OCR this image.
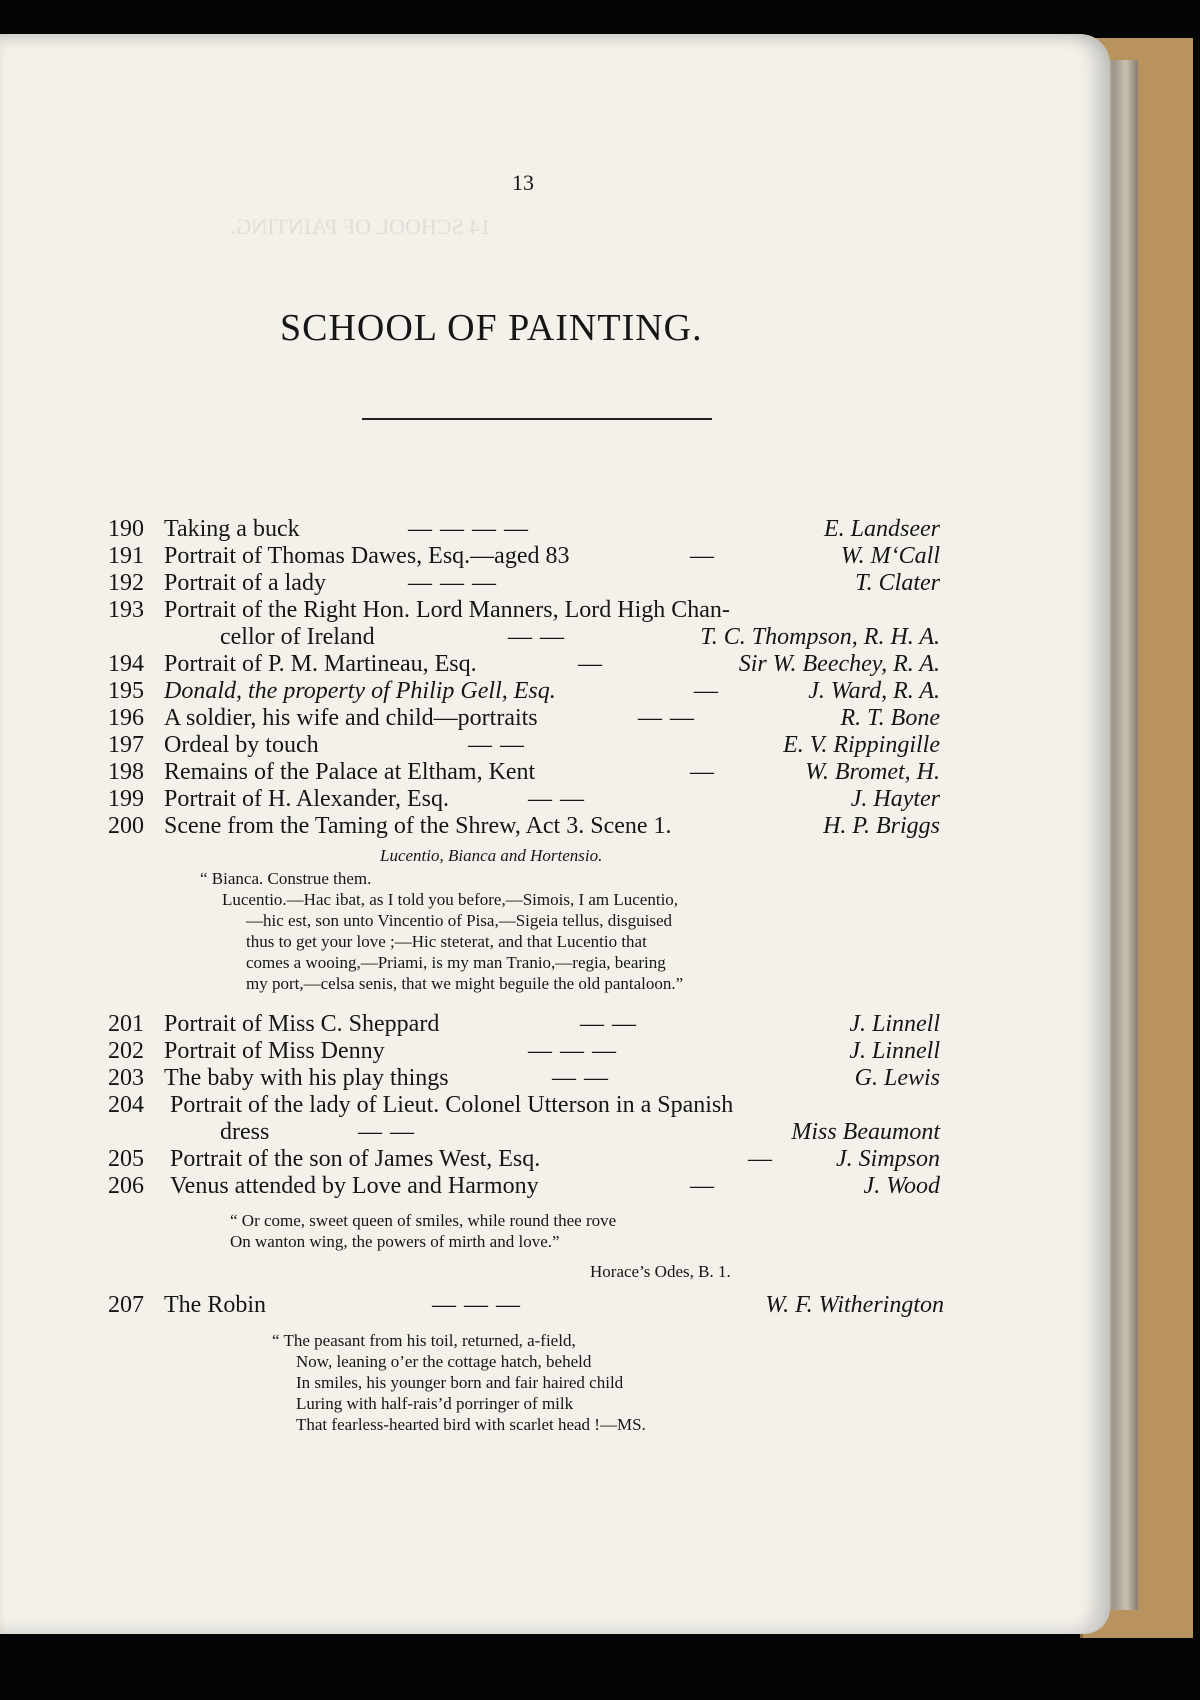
14 SCHOOL OF PAINTING.
13
SCHOOL OF PAINTING.
190 Taking a buck	— — — —	E. Landseer
191 Portrait of Thomas Dawes, Esq.—aged 83	—	W. M‘Call
192 Portrait of a lady	— — —	T. Clater
193 Portrait of the Right Hon. Lord Manners, Lord High Chan-
cellor of Ireland	— —	T. C. Thompson, R. H. A.
194 Portrait of P. M. Martineau, Esq.	—	Sir W. Beechey, R. A.
195 Donald, the property of Philip Gell, Esq.	—	J. Ward, R. A.
196 A soldier, his wife and child—portraits	— —	R. T. Bone
197 Ordeal by touch	— —	E. V. Rippingille
198 Remains of the Palace at Eltham, Kent	—	W. Bromet, H.
199 Portrait of H. Alexander, Esq.	— —	J. Hayter
200 Scene from the Taming of the Shrew, Act 3. Scene 1.	H. P. Briggs
Lucentio, Bianca and Hortensio.
“ Bianca. Construe them.
Lucentio.—Hac ibat, as I told you before,—Simois, I am Lucentio,
—hic est, son unto Vincentio of Pisa,—Sigeia tellus, disguised
thus to get your love ;—Hic steterat, and that Lucentio that
comes a wooing,—Priami, is my man Tranio,—regia, bearing
my port,—celsa senis, that we might beguile the old pantaloon.”
201 Portrait of Miss C. Sheppard	— —	J. Linnell
202 Portrait of Miss Denny	— — —	J. Linnell
203 The baby with his play things	— —	G. Lewis
204 Portrait of the lady of Lieut. Colonel Utterson in a Spanish
dress	— —	Miss Beaumont
205 Portrait of the son of James West, Esq.	—	J. Simpson
206 Venus attended by Love and Harmony	—	J. Wood
“ Or come, sweet queen of smiles, while round thee rove
On wanton wing, the powers of mirth and love.”
Horace’s Odes, B. 1.
207 The Robin	— — —	W. F. Witherington
“ The peasant from his toil, returned, a-field,
Now, leaning o’er the cottage hatch, beheld
In smiles, his younger born and fair haired child
Luring with half-rais’d porringer of milk
That fearless-hearted bird with scarlet head !—MS.
